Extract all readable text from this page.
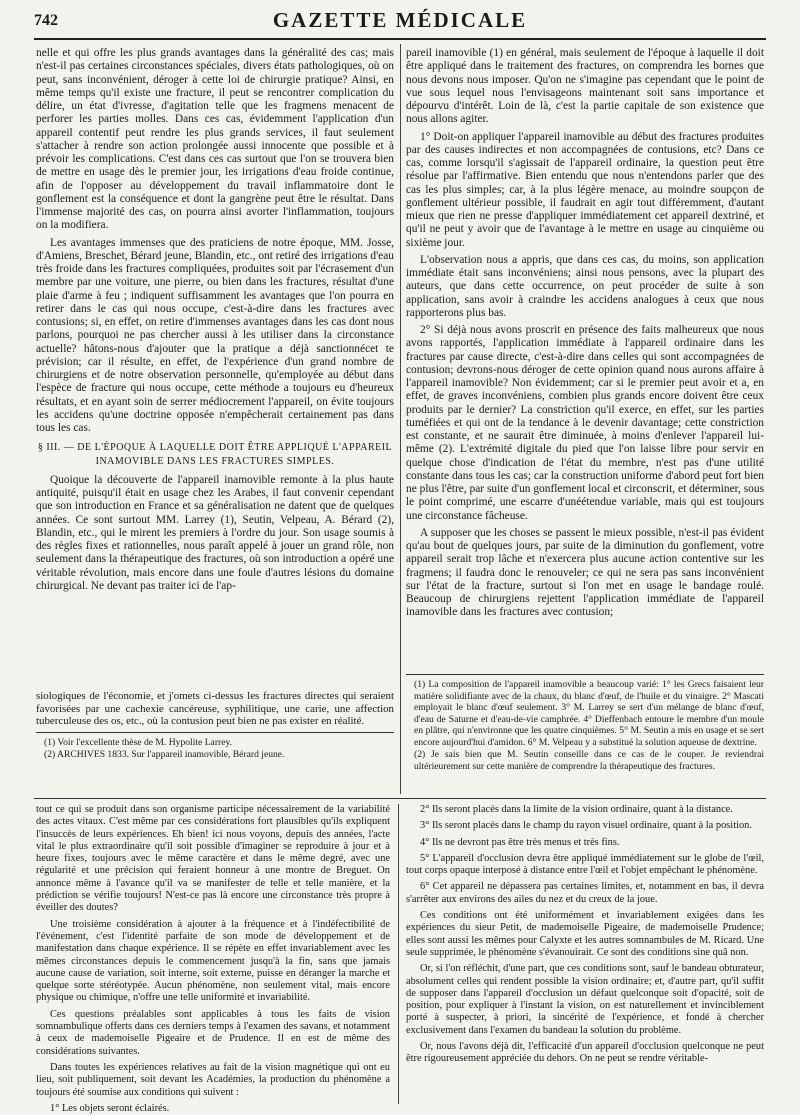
742	GAZETTE MÉDICALE

nelle et qui offre les plus grands avantages dans la généralité des cas; mais n'est-il pas certaines circonstances spéciales, divers états pathologiques, où on peut, sans inconvénient, déroger à cette loi de chirurgie pratique? Ainsi, en même temps qu'il existe une fracture, il peut se rencontrer complication du délire, un état d'ivresse, d'agitation telle que les fragmens menacent de perforer les parties molles. Dans ces cas, évidemment l'application d'un appareil contentif peut rendre les plus grands services, il faut seulement s'attacher à rendre son action prolongée aussi innocente que possible et à prévoir les complications. C'est dans ces cas surtout que l'on se trouvera bien de mettre en usage dès le premier jour, les irrigations d'eau froide continue, afin de l'opposer au développement du travail inflammatoire dont le gonflement est la conséquence et dont la gangrène peut être le résultat. Dans l'immense majorité des cas, on pourra ainsi avorter l'inflammation, toujours on la modifiera.

Les avantages immenses que des praticiens de notre époque, MM. Josse, d'Amiens, Breschet, Bérard jeune, Blandin, etc., ont retiré des irrigations d'eau très froide dans les fractures compliquées, produites soit par l'écrasement d'un membre par une voiture, une pierre, ou bien dans les fractures, résultat d'une plaie d'arme à feu ; indiquent suffisamment les avantages que l'on pourra en retirer dans le cas qui nous occupe, c'est-à-dire dans les fractures avec contusions; si, en effet, on retire d'immenses avantages dans les cas dont nous parlons, pourquoi ne pas chercher aussi à les utiliser dans la circonstance actuelle? hâtons-nous d'ajouter que la pratique a déjà sanctionnécet te prévision; car il résulte, en effet, de l'expérience d'un grand nombre de chirurgiens et de notre observation personnelle, qu'employée au début dans l'espèce de fracture qui nous occupe, cette méthode a toujours eu d'heureux résultats, et en ayant soin de serrer médiocrement l'appareil, on évite toujours les accidens qu'une doctrine opposée n'empêcherait certainement pas dans tous les cas.

§ III. — DE L'ÉPOQUE À LAQUELLE DOIT ÊTRE APPLIQUÉ L'APPAREIL INAMOVIBLE DANS LES FRACTURES SIMPLES.

Quoique la découverte de l'appareil inamovible remonte à la plus haute antiquité, puisqu'il était en usage chez les Arabes, il faut convenir cependant que son introduction en France et sa généralisation ne datent que de quelques années. Ce sont surtout MM. Larrey (1), Seutin, Velpeau, A. Bérard (2), Blandin, etc., qui le mirent les premiers à l'ordre du jour. Son usage soumis à des règles fixes et rationnelles, nous paraît appelé à jouer un grand rôle, non seulement dans la thérapeutique des fractures, où son introduction a opéré une véritable révolution, mais encore dans une foule d'autres lésions du domaine chirurgical. Ne devant pas traiter ici de l'ap-

siologiques de l'économie, et j'omets ci-dessus les fractures directes qui seraient favorisées par une cachexie cancéreuse, syphilitique, une carie, une affection tuberculeuse des os, etc., où la contusion peut bien ne pas exister en réalité.

(1) Voir l'excellente thèse de M. Hypolite Larrey.

(2) ARCHIVES 1833. Sur l'appareil inamovible, Bérard jeune.

pareil inamovible (1) en général, mais seulement de l'époque à laquelle il doit être appliqué dans le traitement des fractures, on comprendra les bornes que nous devons nous imposer. Qu'on ne s'imagine pas cependant que le point de vue sous lequel nous l'envisageons maintenant soit sans importance et dépourvu d'intérêt. Loin de là, c'est la partie capitale de son existence que nous allons agiter.

1° Doit-on appliquer l'appareil inamovible au début des fractures produites par des causes indirectes et non accompagnées de contusions, etc? Dans ce cas, comme lorsqu'il s'agissait de l'appareil ordinaire, la question peut être résolue par l'affirmative. Bien entendu que nous n'entendons parler que des cas les plus simples; car, à la plus légère menace, au moindre soupçon de gonflement ultérieur possible, il faudrait en agir tout différemment, d'autant mieux que rien ne presse d'appliquer immédiatement cet appareil dextriné, et qu'il ne peut y avoir que de l'avantage à le mettre en usage au cinquième ou sixième jour.

L'observation nous a appris, que dans ces cas, du moins, son application immédiate était sans inconvéniens; ainsi nous pensons, avec la plupart des auteurs, que dans cette occurrence, on peut procéder de suite à son application, sans avoir à craindre les accidens analogues à ceux que nous rapporterons plus bas.

2° Si déjà nous avons proscrit en présence des faits malheureux que nous avons rapportés, l'application immédiate à l'appareil ordinaire dans les fractures par cause directe, c'est-à-dire dans celles qui sont accompagnées de contusion; devrons-nous déroger de cette opinion quand nous aurons affaire à l'appareil inamovible? Non évidemment; car si le premier peut avoir et a, en effet, de graves inconvéniens, combien plus grands encore doivent être ceux produits par le dernier? La constriction qu'il exerce, en effet, sur les parties tuméfiées et qui ont de la tendance à le devenir davantage; cette constriction est constante, et ne saurait être diminuée, à moins d'enlever l'appareil lui-même (2). L'extrémité digitale du pied que l'on laisse libre pour servir en quelque chose d'indication de l'état du membre, n'est pas d'une utilité constante dans tous les cas; car la construction uniforme d'abord peut fort bien ne plus l'être, par suite d'un gonflement local et circonscrit, et déterminer, sous le point comprimé, une escarre d'unéétendue variable, mais qui est toujours une circonstance fâcheuse.

A supposer que les choses se passent le mieux possible, n'est-il pas évident qu'au bout de quelques jours, par suite de la diminution du gonflement, votre appareil serait trop lâche et n'exercera plus aucune action contentive sur les fragmens; il faudra donc le renouveler; ce qui ne sera pas sans inconvénient sur l'état de la fracture, surtout si l'on met en usage le bandage roulé. Beaucoup de chirurgiens rejettent l'application immédiate de l'appareil inamovible dans les fractures avec contusion;

(1) La composition de l'appareil inamovible a beaucoup varié: 1° les Grecs faisaient leur matière solidifiante avec de la chaux, du blanc d'œuf, de l'huile et du vinaigre. 2° Mascati employait le blanc d'œuf seulement. 3° M. Larrey se sert d'un mélange de blanc d'œuf, d'eau de Saturne et d'eau-de-vie camphrée. 4° Dieffenbach entoure le membre d'un moule en plâtre, qui n'environne que les quatre cinquièmes. 5° M. Seutin a mis en usage et se sert encore aujourd'hui d'amidon. 6° M. Velpeau y a substitué la solution aqueuse de dextrine.

(2) Je sais bien que M. Seutin conseille dans ce cas de le couper. Je reviendrai ultérieurement sur cette manière de comprendre la thérapeutique des fractures.

tout ce qui se produit dans son organisme participe nécessairement de la variabilité des actes vitaux. C'est même par ces considérations fort plausibles qu'ils expliquent l'insuccès de leurs expériences. Eh bien! ici nous voyons, depuis des années, l'acte vital le plus extraordinaire qu'il soit possible d'imaginer se reproduire à jour et à heure fixes, toujours avec le même caractère et dans le même degré, avec une régularité et une précision qui feraient honneur à une montre de Breguet. On annonce même à l'avance qu'il va se manifester de telle et telle manière, et la prédiction se vérifie toujours! N'est-ce pas là encore une circonstance très propre à éveiller des doutes?

Une troisième considération à ajouter à la fréquence et à l'indéfectibilité de l'événement, c'est l'identité parfaite de son mode de développement et de manifestation dans chaque expérience. Il se répète en effet invariablement avec les mêmes circonstances depuis le commencement jusqu'à la fin, sans que jamais aucune cause de variation, soit interne, soit externe, puisse en déranger la marche et quelque sorte stéréotypée. Aucun phénomène, non seulement vital, mais encore physique ou chimique, n'offre une telle uniformité et invariabilité.

Ces questions préalables sont applicables à tous les faits de vision somnambulique offerts dans ces derniers temps à l'examen des savans, et notamment à ceux de mademoiselle Pigeaire et de Prudence. Il en est de même des considérations suivantes.

Dans toutes les expériences relatives au fait de la vision magnétique qui ont eu lieu, soit publiquement, soit devant les Académies, la production du phénomène a toujours été soumise aux conditions qui suivent :

1° Les objets seront éclairés.

2° Ils seront placés dans la limite de la vision ordinaire, quant à la distance.

3° Ils seront placés dans le champ du rayon visuel ordinaire, quant à la position.

4° Ils ne devront pas être très menus et très fins.

5° L'appareil d'occlusion devra être appliqué immédiatement sur le globe de l'œil, tout corps opaque interposé à distance entre l'œil et l'objet empêchant le phénomène.

6° Cet appareil ne dépassera pas certaines limites, et, notamment en bas, il devra s'arrêter aux environs des ailes du nez et du creux de la joue.

Ces conditions ont été uniformément et invariablement exigées dans les expériences du sieur Petit, de mademoiselle Pigeaire, de mademoiselle Prudence; elles sont aussi les mêmes pour Calyxte et les autres somnambules de M. Ricard. Une seule supprimée, le phénomène s'évanouirait. Ce sont des conditions sine quâ non.

Or, si l'on réfléchit, d'une part, que ces conditions sont, sauf le bandeau obturateur, absolument celles qui rendent possible la vision ordinaire; et, d'autre part, qu'il suffit de supposer dans l'appareil d'occlusion un défaut quelconque soit d'opacité, soit de position, pour expliquer à l'instant la vision, on est naturellement et invinciblement porté à suspecter, à priori, la sincérité de l'expérience, et fondé à chercher exclusivement dans l'examen du bandeau la solution du problème.

Or, nous l'avons déjà dit, l'efficacité d'un appareil d'occlusion quelconque ne peut être rigoureusement appréciée du dehors. On ne peut se rendre véritable-
